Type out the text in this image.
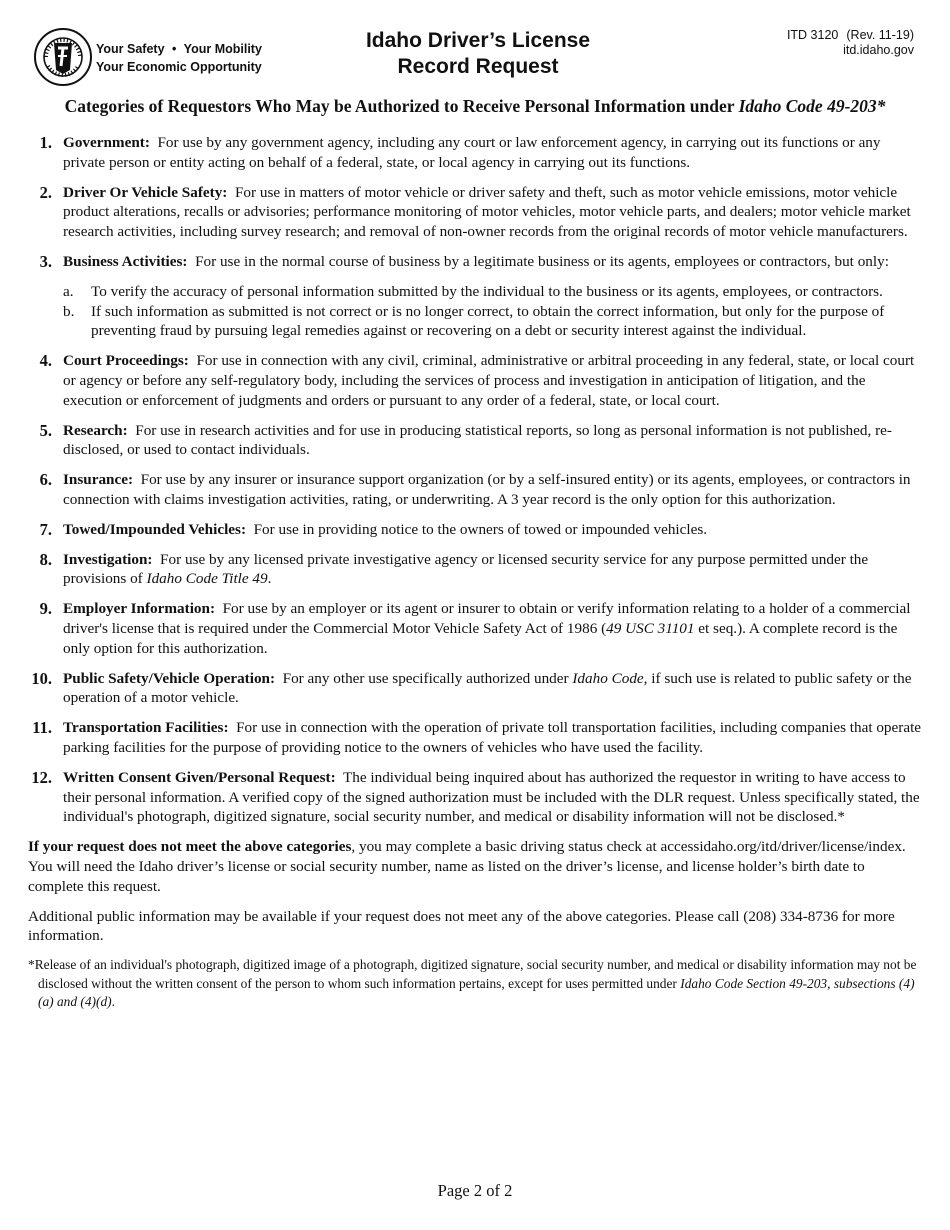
Your Safety • Your Mobility
Your Economic Opportunity
Idaho Driver’s License
Record Request
ITD 3120 (Rev. 11-19)
itd.idaho.gov
Categories of Requestors Who May be Authorized to Receive Personal Information under Idaho Code 49-203*
1. Government: For use by any government agency, including any court or law enforcement agency, in carrying out its functions or any private person or entity acting on behalf of a federal, state, or local agency in carrying out its functions.
2. Driver Or Vehicle Safety: For use in matters of motor vehicle or driver safety and theft, such as motor vehicle emissions, motor vehicle product alterations, recalls or advisories; performance monitoring of motor vehicles, motor vehicle parts, and dealers; motor vehicle market research activities, including survey research; and removal of non-owner records from the original records of motor vehicle manufacturers.
3. Business Activities: For use in the normal course of business by a legitimate business or its agents, employees or contractors, but only:
a. To verify the accuracy of personal information submitted by the individual to the business or its agents, employees, or contractors.
b. If such information as submitted is not correct or is no longer correct, to obtain the correct information, but only for the purpose of preventing fraud by pursuing legal remedies against or recovering on a debt or security interest against the individual.
4. Court Proceedings: For use in connection with any civil, criminal, administrative or arbitral proceeding in any federal, state, or local court or agency or before any self-regulatory body, including the services of process and investigation in anticipation of litigation, and the execution or enforcement of judgments and orders or pursuant to any order of a federal, state, or local court.
5. Research: For use in research activities and for use in producing statistical reports, so long as personal information is not published, re-disclosed, or used to contact individuals.
6. Insurance: For use by any insurer or insurance support organization (or by a self-insured entity) or its agents, employees, or contractors in connection with claims investigation activities, rating, or underwriting. A 3 year record is the only option for this authorization.
7. Towed/Impounded Vehicles: For use in providing notice to the owners of towed or impounded vehicles.
8. Investigation: For use by any licensed private investigative agency or licensed security service for any purpose permitted under the provisions of Idaho Code Title 49.
9. Employer Information: For use by an employer or its agent or insurer to obtain or verify information relating to a holder of a commercial driver's license that is required under the Commercial Motor Vehicle Safety Act of 1986 (49 USC 31101 et seq.). A complete record is the only option for this authorization.
10. Public Safety/Vehicle Operation: For any other use specifically authorized under Idaho Code, if such use is related to public safety or the operation of a motor vehicle.
11. Transportation Facilities: For use in connection with the operation of private toll transportation facilities, including companies that operate parking facilities for the purpose of providing notice to the owners of vehicles who have used the facility.
12. Written Consent Given/Personal Request: The individual being inquired about has authorized the requestor in writing to have access to their personal information. A verified copy of the signed authorization must be included with the DLR request. Unless specifically stated, the individual's photograph, digitized signature, social security number, and medical or disability information will not be disclosed.*

If your request does not meet the above categories, you may complete a basic driving status check at accessidaho.org/itd/driver/license/index. You will need the Idaho driver’s license or social security number, name as listed on the driver’s license, and license holder’s birth date to complete this request.

Additional public information may be available if your request does not meet any of the above categories. Please call (208) 334-8736 for more information.

*Release of an individual's photograph, digitized image of a photograph, digitized signature, social security number, and medical or disability information may not be disclosed without the written consent of the person to whom such information pertains, except for uses permitted under Idaho Code Section 49-203, subsections (4)(a) and (4)(d).

Page 2 of 2
